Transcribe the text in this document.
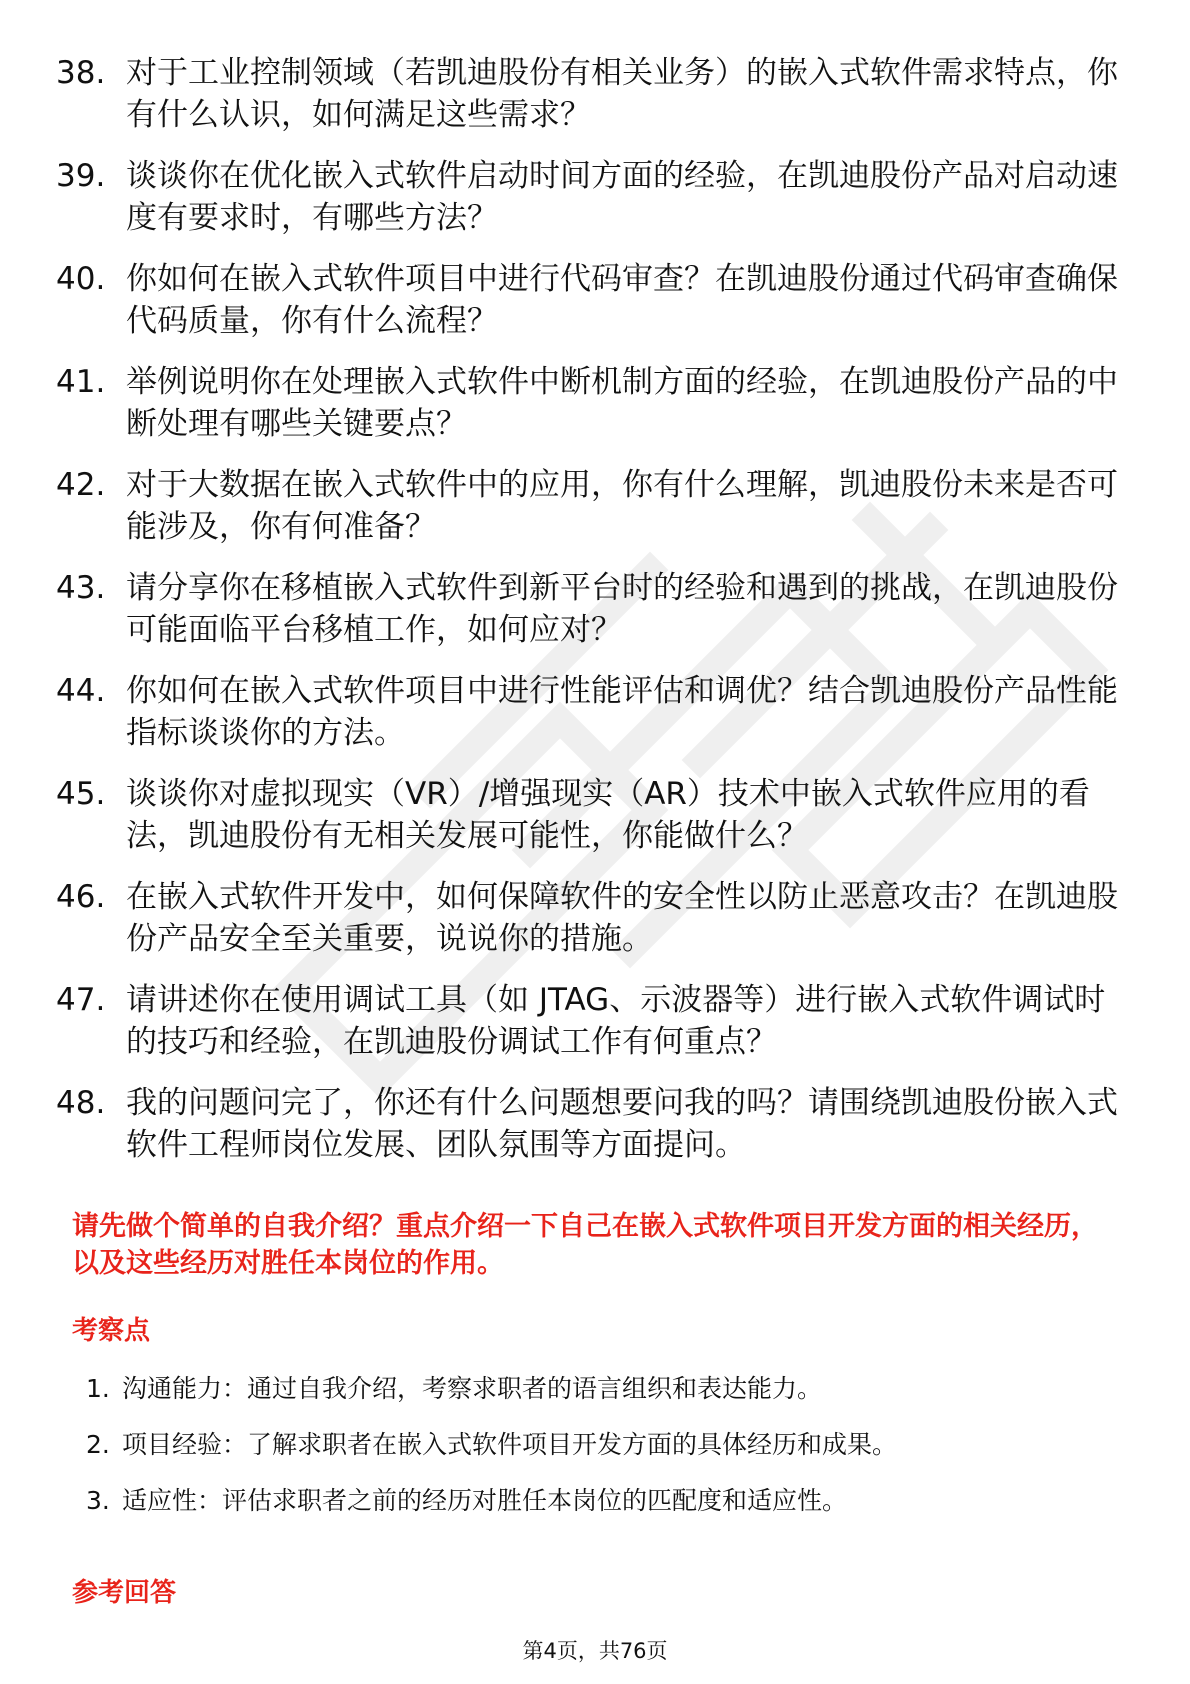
38. 对于工业控制领域（若凯迪股份有相关业务）的嵌入式软件需求特点，你有什么认识，如何满足这些需求？
39. 谈谈你在优化嵌入式软件启动时间方面的经验，在凯迪股份产品对启动速度有要求时，有哪些方法？
40. 你如何在嵌入式软件项目中进行代码审查？在凯迪股份通过代码审查确保代码质量，你有什么流程？
41. 举例说明你在处理嵌入式软件中断机制方面的经验，在凯迪股份产品的中断处理有哪些关键要点？
42. 对于大数据在嵌入式软件中的应用，你有什么理解，凯迪股份未来是否可能涉及，你有何准备？
43. 请分享你在移植嵌入式软件到新平台时的经验和遇到的挑战，在凯迪股份可能面临平台移植工作，如何应对？
44. 你如何在嵌入式软件项目中进行性能评估和调优？结合凯迪股份产品性能指标谈谈你的方法。
45. 谈谈你对虚拟现实（VR）/增强现实（AR）技术中嵌入式软件应用的看法，凯迪股份有无相关发展可能性，你能做什么？
46. 在嵌入式软件开发中，如何保障软件的安全性以防止恶意攻击？在凯迪股份产品安全至关重要，说说你的措施。
47. 请讲述你在使用调试工具（如 JTAG、示波器等）进行嵌入式软件调试时的技巧和经验，在凯迪股份调试工作有何重点？
48. 我的问题问完了，你还有什么问题想要问我的吗？请围绕凯迪股份嵌入式软件工程师岗位发展、团队氛围等方面提问。

请先做个简单的自我介绍？重点介绍一下自己在嵌入式软件项目开发方面的相关经历，以及这些经历对胜任本岗位的作用。

考察点
1. 沟通能力：通过自我介绍，考察求职者的语言组织和表达能力。
2. 项目经验：了解求职者在嵌入式软件项目开发方面的具体经历和成果。
3. 适应性：评估求职者之前的经历对胜任本岗位的匹配度和适应性。
参考回答
第4页，共76页
